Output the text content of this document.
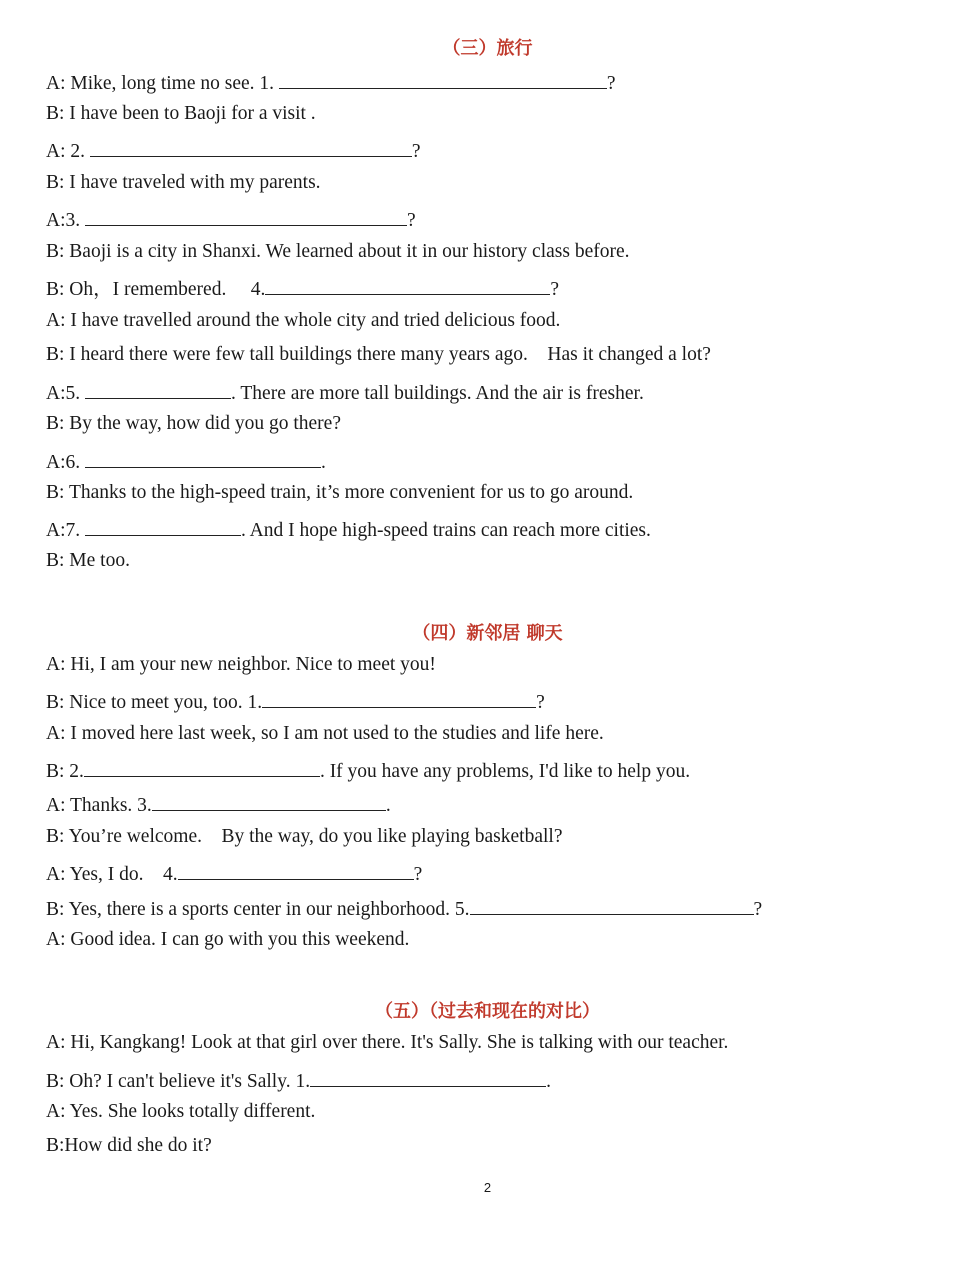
（三）旅行
A: Mike, long time no see. 1.	?
B: I have been to Baoji for a visit .
A: 2.	?
B: I have traveled with my parents.
A:3.	?
B: Baoji is a city in Shanxi. We learned about it in our history class before.
B: Oh，I remembered.     4.	?
A: I have travelled around the whole city and tried delicious food.
B: I heard there were few tall buildings there many years ago.    Has it changed a lot?
A:5.	. There are more tall buildings. And the air is fresher.
B: By the way, how did you go there?
A:6.	.
B: Thanks to the high-speed train, it’s more convenient for us to go around.
A:7.	. And I hope high-speed trains can reach more cities.
B: Me too.
（四）新邻居 聊天
A: Hi, I am your new neighbor. Nice to meet you!
B: Nice to meet you, too. 1.	?
A: I moved here last week, so I am not used to the studies and life here.
B: 2.	. If you have any problems, I'd like to help you.
A: Thanks. 3.	.
B: You’re welcome.    By the way, do you like playing basketball?
A: Yes, I do.    4.	?
B: Yes, there is a sports center in our neighborhood. 5.	?
A: Good idea. I can go with you this weekend.
（五）（过去和现在的对比）
A: Hi, Kangkang! Look at that girl over there. It's Sally. She is talking with our teacher.
B: Oh? I can't believe it's Sally. 1.	.
A: Yes. She looks totally different.
B:How did she do it?
2
